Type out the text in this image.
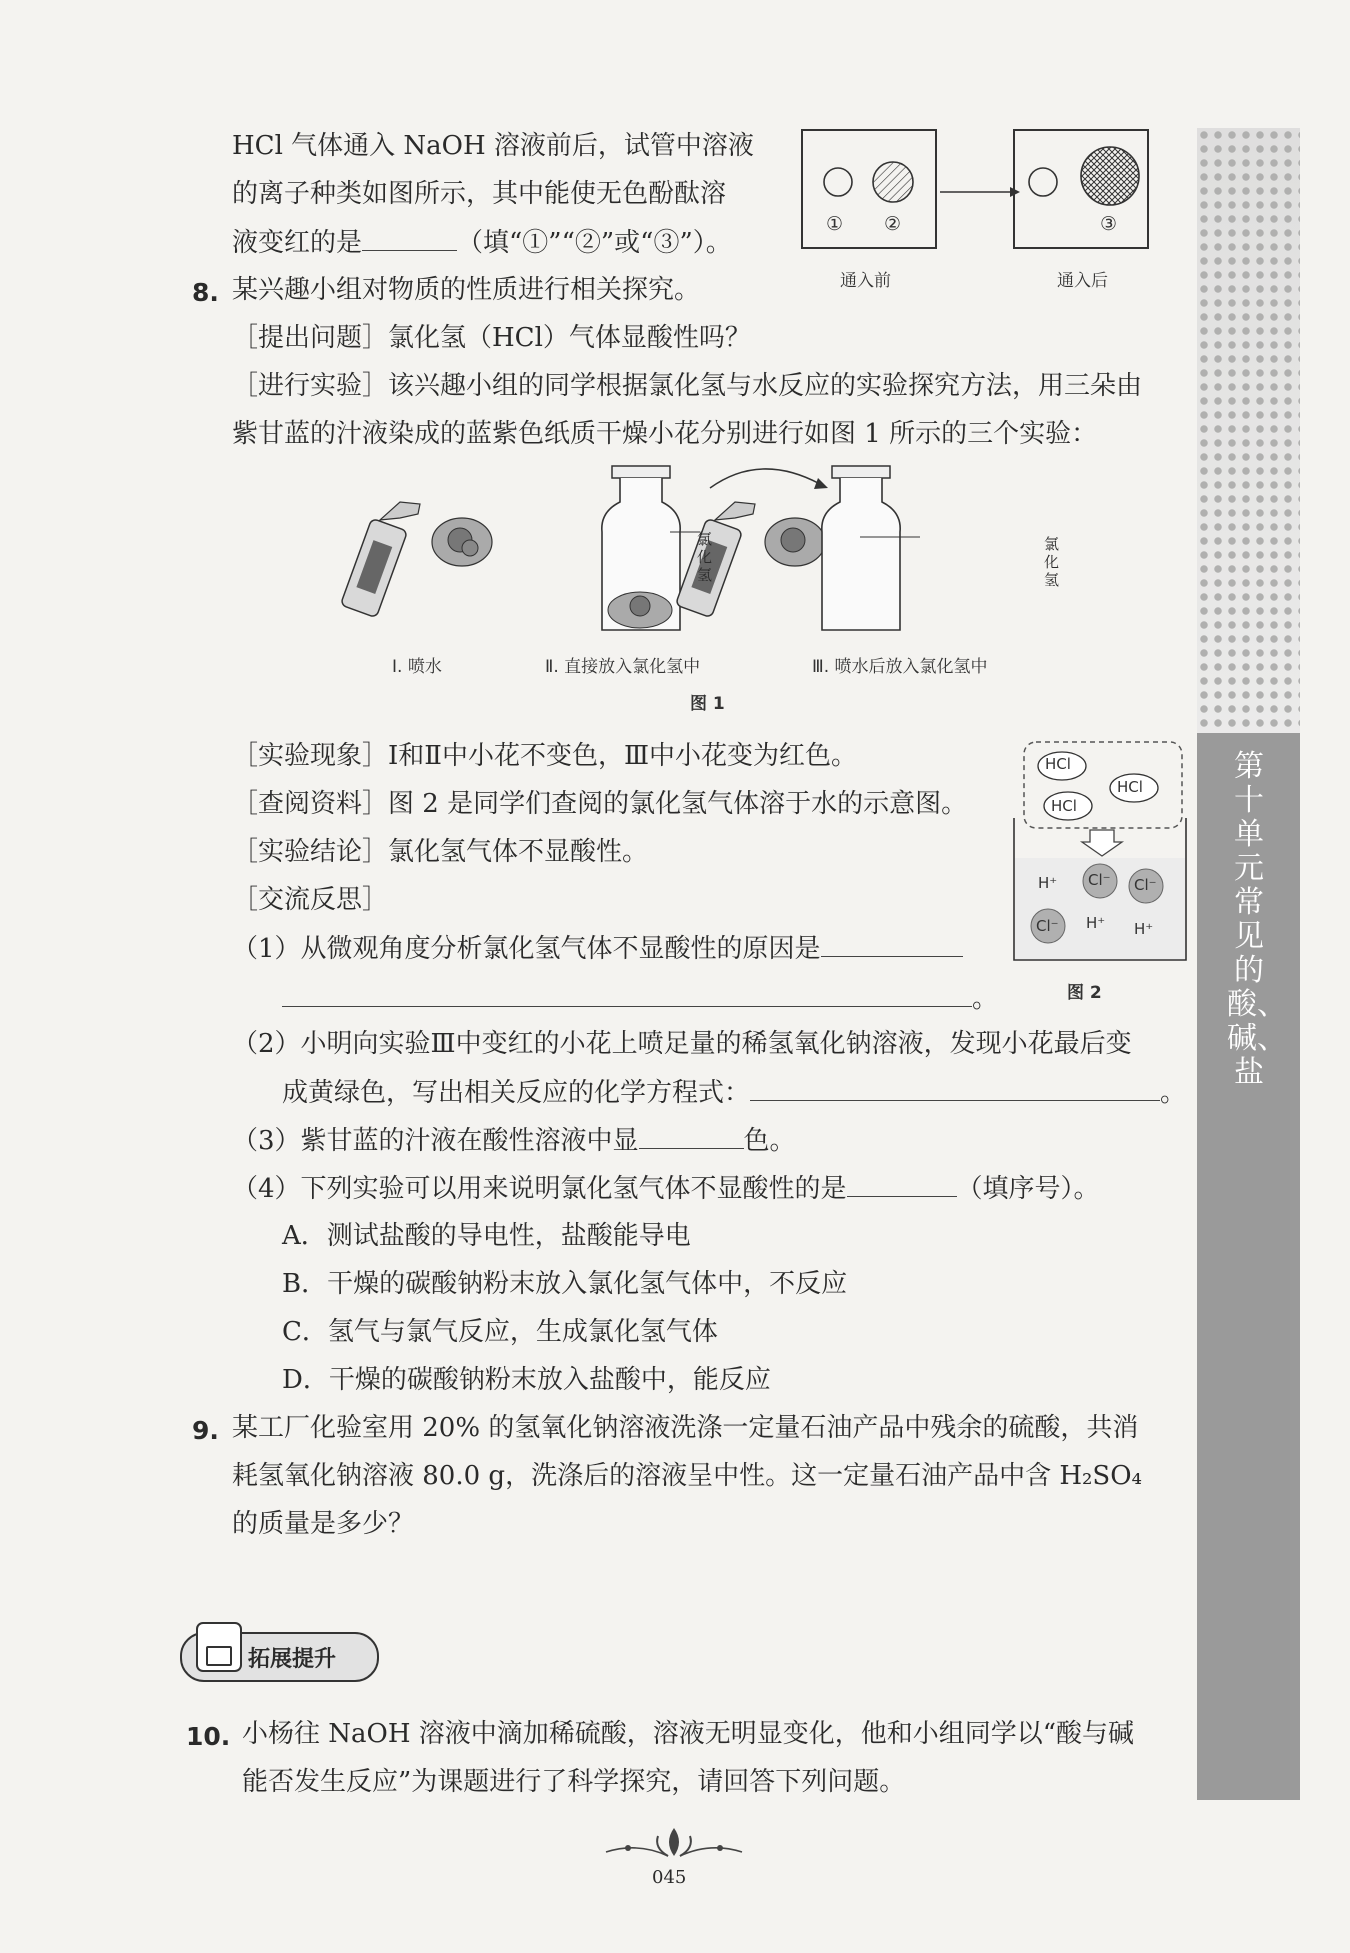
第十单元 常见的酸、碱、盐
HCl 气体通入 NaOH 溶液前后，试管中溶液
的离子种类如图所示，其中能使无色酚酞溶
液变红的是	（填“①”“②”或“③”）。
① ②	③
通入前	通入后
8. 某兴趣小组对物质的性质进行相关探究。
［提出问题］氯化氢（HCl）气体显酸性吗？
［进行实验］该兴趣小组的同学根据氯化氢与水反应的实验探究方法，用三朵由
紫甘蓝的汁液染成的蓝紫色纸质干燥小花分别进行如图 1 所示的三个实验：
氯化氢
氯化氢
Ⅰ. 喷水	Ⅱ. 直接放入氯化氢中	Ⅲ. 喷水后放入氯化氢中
图 1
［实验现象］Ⅰ和Ⅱ中小花不变色，Ⅲ中小花变为红色。
［查阅资料］图 2 是同学们查阅的氯化氢气体溶于水的示意图。
［实验结论］氯化氢气体不显酸性。
［交流反思］
（1）从微观角度分析氯化氢气体不显酸性的原因是
。
HCl
HCl
HCl
H⁺ Cl⁻ Cl⁻
Cl⁻ H⁺ H⁺
图 2
（2）小明向实验Ⅲ中变红的小花上喷足量的稀氢氧化钠溶液，发现小花最后变
成黄绿色，写出相关反应的化学方程式：	。
（3）紫甘蓝的汁液在酸性溶液中显	色。
（4）下列实验可以用来说明氯化氢气体不显酸性的是	（填序号）。
A．测试盐酸的导电性，盐酸能导电
B．干燥的碳酸钠粉末放入氯化氢气体中，不反应
C．氢气与氯气反应，生成氯化氢气体
D．干燥的碳酸钠粉末放入盐酸中，能反应
9. 某工厂化验室用 20% 的氢氧化钠溶液洗涤一定量石油产品中残余的硫酸，共消
耗氢氧化钠溶液 80.0 g，洗涤后的溶液呈中性。这一定量石油产品中含 H₂SO₄
的质量是多少？
拓展提升
10. 小杨往 NaOH 溶液中滴加稀硫酸，溶液无明显变化，他和小组同学以“酸与碱
能否发生反应”为课题进行了科学探究，请回答下列问题。
045
